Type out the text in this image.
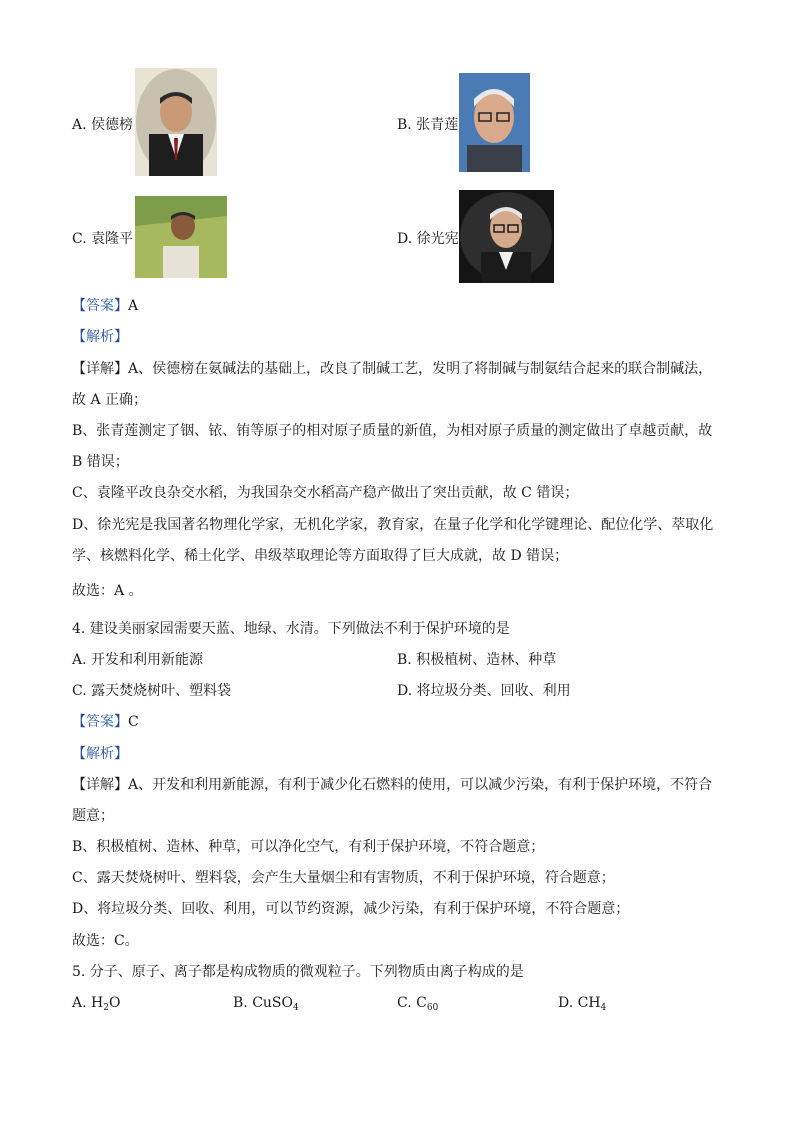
A. 侯德榜	B. 张青莲
C. 袁隆平	D. 徐光宪
【答案】A
【解析】
【详解】A、侯德榜在氨碱法的基础上，改良了制碱工艺，发明了将制碱与制氨结合起来的联合制碱法，
故 A 正确；
B、张青莲测定了铟、铱、铕等原子的相对原子质量的新值，为相对原子质量的测定做出了卓越贡献，故
B 错误；
C、袁隆平改良杂交水稻，为我国杂交水稻高产稳产做出了突出贡献，故 C 错误；
D、徐光宪是我国著名物理化学家，无机化学家，教育家，在量子化学和化学键理论、配位化学、萃取化
学、核燃料化学、稀土化学、串级萃取理论等方面取得了巨大成就，故 D 错误；
故选：A 。
4. 建设美丽家园需要天蓝、地绿、水清。下列做法不利于保护环境的是
A. 开发和利用新能源	B. 积极植树、造林、种草
C. 露天焚烧树叶、塑料袋	D. 将垃圾分类、回收、利用
【答案】C
【解析】
【详解】A、开发和利用新能源，有利于减少化石燃料的使用，可以减少污染，有利于保护环境，不符合
题意；
B、积极植树、造林、种草，可以净化空气，有利于保护环境，不符合题意；
C、露天焚烧树叶、塑料袋，会产生大量烟尘和有害物质，不利于保护环境，符合题意；
D、将垃圾分类、回收、利用，可以节约资源，减少污染，有利于保护环境，不符合题意；
故选：C。
5. 分子、原子、离子都是构成物质的微观粒子。下列物质由离子构成的是
A. $H_2O$	B. CuSO$_4$	C. $C_{60}$	D. $CH_4$
